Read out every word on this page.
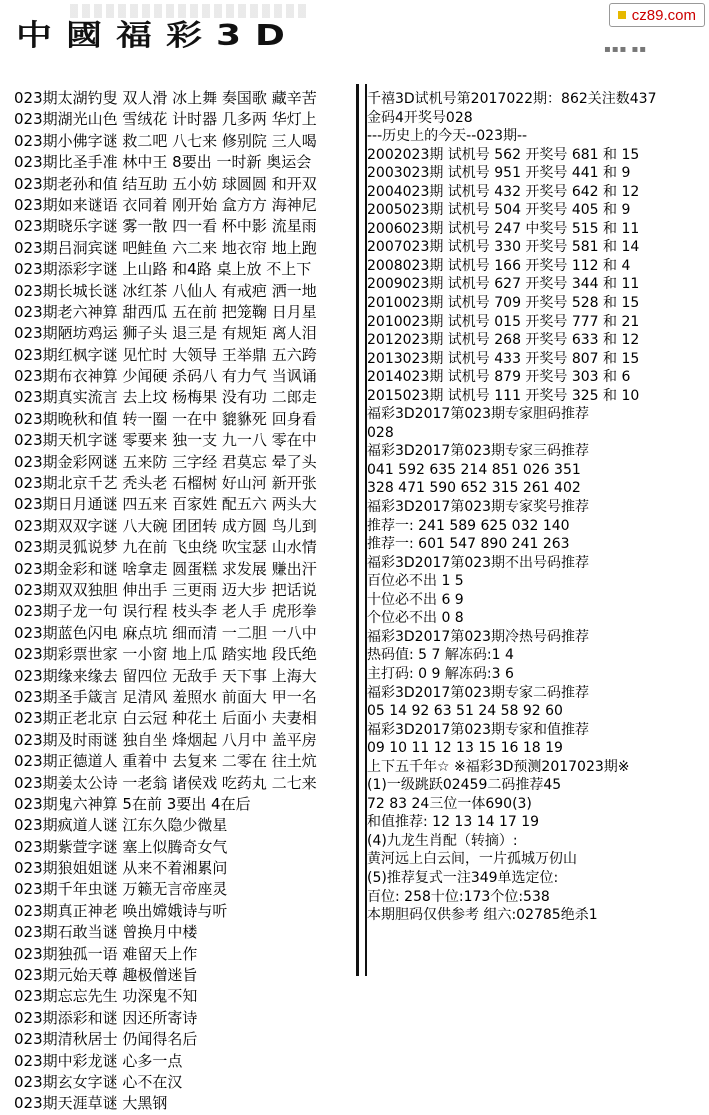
中國福彩3D	▪▪▪ ▪▪
cz89.com
023期太湖钓叟 双人滑 冰上舞 奏国歌 藏辛苦
023期湖光山色 雪绒花 计时器 几多两 华灯上
023期小佛字谜 救二吧 八七来 修别院 三人喝
023期比圣手准 林中王 8要出 一时新 奥运会
023期老孙和值 结互助 五小妨 球圆圆 和开双
023期如来谜语 衣同着 刚开始 盒方方 海神尼
023期晓乐字谜 雾一散 四一看 杯中影 流星雨
023期吕洞宾谜 吧鲑鱼 六二来 地衣帘 地上跑
023期添彩字谜 上山路 和4路 桌上放 不上下
023期长城长谜 冰红茶 八仙人 有戒疤 洒一地
023期老六神算 甜西瓜 五在前 把笼鞠 日月星
023期陋坊鸡运 狮子头 退三是 有规矩 离人泪
023期红枫字谜 见忙时 大领导 王举鼎 五六跨
023期布衣神算 少闻硬 杀码八 有力气 当讽诵
023期真实流言 去上坟 杨梅果 没有功 二郎走
023期晚秋和值 转一圈 一在中 貔貅死 回身看
023期天机字谜 零要来 独一支 九一八 零在中
023期金彩网谜 五来防 三字经 君莫忘 晕了头
023期北京千艺 秃头老 石榴树 好山河 新开张
023期日月通谜 四五来 百家姓 配五六 两头大
023期双双字谜 八大碗 团团转 成方圆 鸟儿到
023期灵狐说梦 九在前 飞虫绕 吹宝瑟 山水情
023期金彩和谜 啥拿走 圆蛋糕 求发展 赚出汗
023期双双独胆 伸出手 三更雨 迈大步 把话说
023期子龙一句 误行程 枝头李 老人手 虎形拳
023期蓝色闪电 麻点坑 细而清 一二胆 一八中
023期彩票世家 一小窗 地上瓜 踏实地 段氏绝
023期缘来缘去 留四位 无敌手 天下事 上海大
023期圣手箴言 足清风 羞照水 前面大 甲一名
023期正老北京 白云冠 种花土 后面小 夫妻相
023期及时雨谜 独自坐 烽烟起 八月中 盖平房
023期正德道人 重着中 去复来 二零在 往土炕
023期姜太公诗 一老翁 诸侯戏 吃药丸 二七来
023期鬼六神算 5在前 3要出 4在后
023期疯道人谜 江东久隐少微星
023期紫萱字谜 塞上似腾奇女气
023期狼姐姐谜 从来不着湘累问
023期千年虫谜 万籁无言帝座灵
023期真正神老 唤出嫦娥诗与听
023期石敢当谜 曾换月中楼
023期独孤一语 难留天上作
023期元始天尊 趣极僧迷旨
023期忘忘先生 功深鬼不知
023期添彩和谜 因还所寄诗
023期清秋居士 仍闻得名后
023期中彩龙谜 心多一点
023期玄女字谜 心不在汉
023期天涯草谜 大黑钢
千禧3D试机号第2017022期：862关注数437
金码4开奖号028
---历史上的今天--023期--
2002023期 试机号 562 开奖号 681 和 15
2003023期 试机号 951 开奖号 441 和 9
2004023期 试机号 432 开奖号 642 和 12
2005023期 试机号 504 开奖号 405 和 9
2006023期 试机号 247 中奖号 515 和 11
2007023期 试机号 330 开奖号 581 和 14
2008023期 试机号 166 开奖号 112 和 4
2009023期 试机号 627 开奖号 344 和 11
2010023期 试机号 709 开奖号 528 和 15
2010023期 试机号 015 开奖号 777 和 21
2012023期 试机号 268 开奖号 633 和 12
2013023期 试机号 433 开奖号 807 和 15
2014023期 试机号 879 开奖号 303 和 6
2015023期 试机号 111 开奖号 325 和 10
福彩3D2017第023期专家胆码推荐
028
福彩3D2017第023期专家三码推荐
041 592 635 214 851 026 351
328 471 590 652 315 261 402
福彩3D2017第023期专家奖号推荐
推荐一: 241 589 625 032 140
推荐一: 601 547 890 241 263
福彩3D2017第023期不出号码推荐
百位必不出 1 5
十位必不出 6 9
个位必不出 0 8
福彩3D2017第023期冷热号码推荐
热码值: 5 7 解冻码:1 4
主打码: 0 9 解冻码:3 6
福彩3D2017第023期专家二码推荐
05 14 92 63 51 24 58 92 60
福彩3D2017第023期专家和值推荐
09 10 11 12 13 15 16 18 19
上下五千年☆ ※福彩3D预测2017023期※
(1)一级跳跃02459二码推荐45
72 83 24三位一体690(3)
和值推荐: 12 13 14 17 19
(4)九龙生肖配（转摘）:
黄河远上白云间，一片孤城万仞山
(5)推荐复式一注349单选定位:
百位: 258十位:173个位:538
本期胆码仅供参考 组六:02785绝杀1
